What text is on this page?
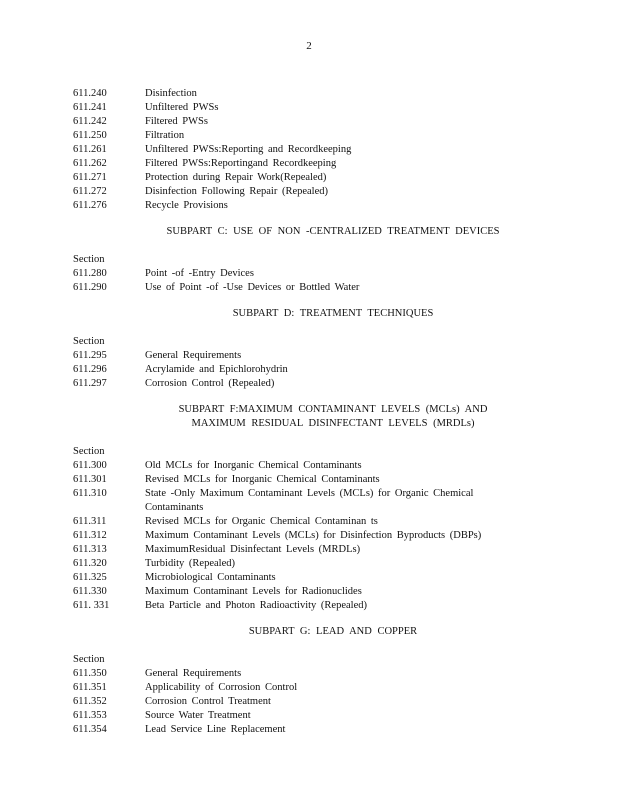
2
611.240	Disinfection
611.241	Unfiltered PWSs
611.242	Filtered PWSs
611.250	Filtration
611.261	Unfiltered PWSs:Reporting and Recordkeeping
611.262	Filtered PWSs:Reportingand Recordkeeping
611.271	Protection during Repair Work(Repealed)
611.272	Disinfection Following Repair (Repealed)
611.276	Recycle Provisions
SUBPART C: USE OF NON -CENTRALIZED TREATMENT DEVICES
Section
611.280	Point -of -Entry Devices
611.290	Use of Point -of -Use Devices or Bottled Water
SUBPART D: TREATMENT TECHNIQUES
Section
611.295	General Requirements
611.296	Acrylamide and Epichlorohydrin
611.297	Corrosion Control (Repealed)
SUBPART F:MAXIMUM CONTAMINANT LEVELS (MCLs) AND
MAXIMUM RESIDUAL DISINFECTANT LEVELS (MRDLs)
Section
611.300	Old MCLs for Inorganic Chemical Contaminants
611.301	Revised MCLs for Inorganic Chemical Contaminants
611.310	State -Only Maximum Contaminant Levels (MCLs) for Organic Chemical
Contaminants
611.311	Revised MCLs for Organic Chemical Contaminan ts
611.312	Maximum Contaminant Levels (MCLs) for Disinfection Byproducts (DBPs)
611.313	MaximumResidual Disinfectant Levels (MRDLs)
611.320	Turbidity (Repealed)
611.325	Microbiological Contaminants
611.330	Maximum Contaminant Levels for Radionuclides
611. 331	Beta Particle and Photon Radioactivity (Repealed)
SUBPART G: LEAD AND COPPER
Section
611.350	General Requirements
611.351	Applicability of Corrosion Control
611.352	Corrosion Control Treatment
611.353	Source Water Treatment
611.354	Lead Service Line Replacement
